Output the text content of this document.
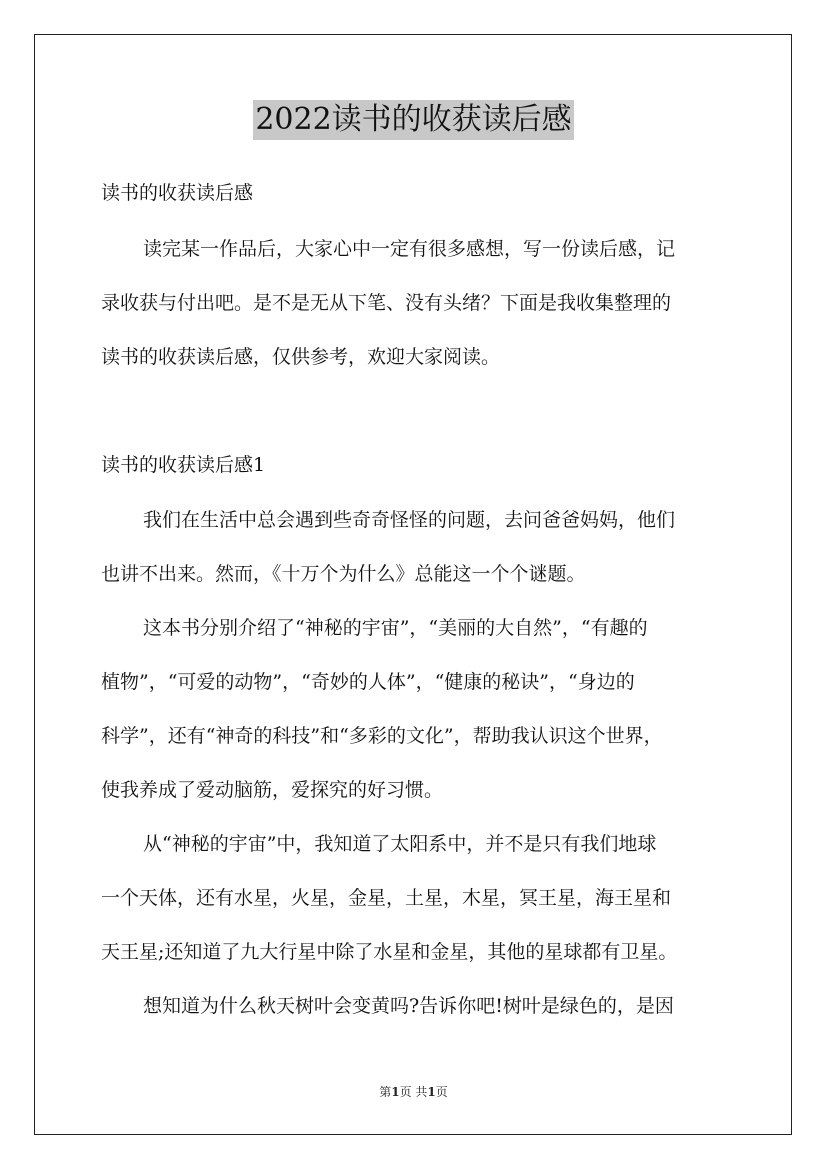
2022读书的收获读后感
读书的收获读后感
读完某一作品后，大家心中一定有很多感想，写一份读后感，记
录收获与付出吧。是不是无从下笔、没有头绪？下面是我收集整理的
读书的收获读后感，仅供参考，欢迎大家阅读。
读书的收获读后感1
我们在生活中总会遇到些奇奇怪怪的问题，去问爸爸妈妈，他们
也讲不出来。然而，《十万个为什么》总能这一个个谜题。
这本书分别介绍了“神秘的宇宙”，“美丽的大自然”，“有趣的
植物”，“可爱的动物”，“奇妙的人体”，“健康的秘诀”，“身边的
科学”，还有“神奇的科技”和“多彩的文化”，帮助我认识这个世界，
使我养成了爱动脑筋，爱探究的好习惯。
从“神秘的宇宙”中，我知道了太阳系中，并不是只有我们地球
一个天体，还有水星，火星，金星，土星，木星，冥王星，海王星和
天王星;还知道了九大行星中除了水星和金星，其他的星球都有卫星。
想知道为什么秋天树叶会变黄吗?告诉你吧!树叶是绿色的，是因
第1页 共1页
